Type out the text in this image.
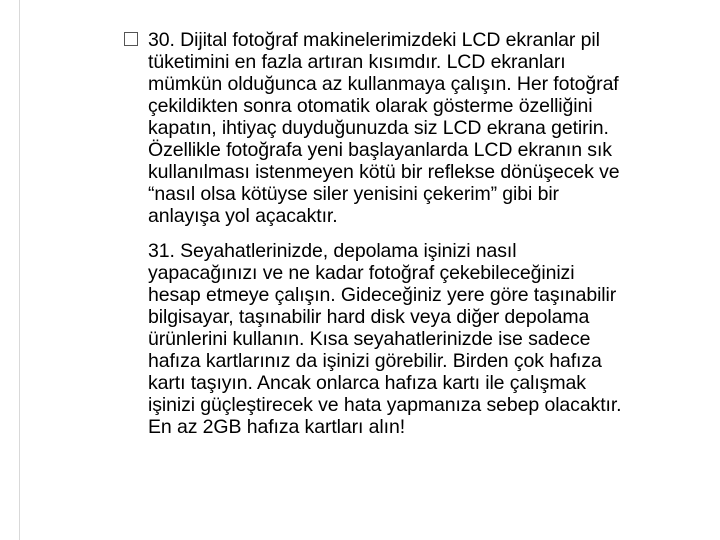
30. Dijital fotoğraf makinelerimizdeki LCD ekranlar pil
tüketimini en fazla artıran kısımdır. LCD ekranları
mümkün olduğunca az kullanmaya çalışın. Her fotoğraf
çekildikten sonra otomatik olarak gösterme özelliğini
kapatın, ihtiyaç duyduğunuzda siz LCD ekrana getirin.
Özellikle fotoğrafa yeni başlayanlarda LCD ekranın sık
kullanılması istenmeyen kötü bir reflekse dönüşecek ve
“nasıl olsa kötüyse siler yenisini çekerim” gibi bir
anlayışa yol açacaktır.

31. Seyahatlerinizde, depolama işinizi nasıl
yapacağınızı ve ne kadar fotoğraf çekebileceğinizi
hesap etmeye çalışın. Gideceğiniz yere göre taşınabilir
bilgisayar, taşınabilir hard disk veya diğer depolama
ürünlerini kullanın. Kısa seyahatlerinizde ise sadece
hafıza kartlarınız da işinizi görebilir. Birden çok hafıza
kartı taşıyın. Ancak onlarca hafıza kartı ile çalışmak
işinizi güçleştirecek ve hata yapmanıza sebep olacaktır.
En az 2GB hafıza kartları alın!
